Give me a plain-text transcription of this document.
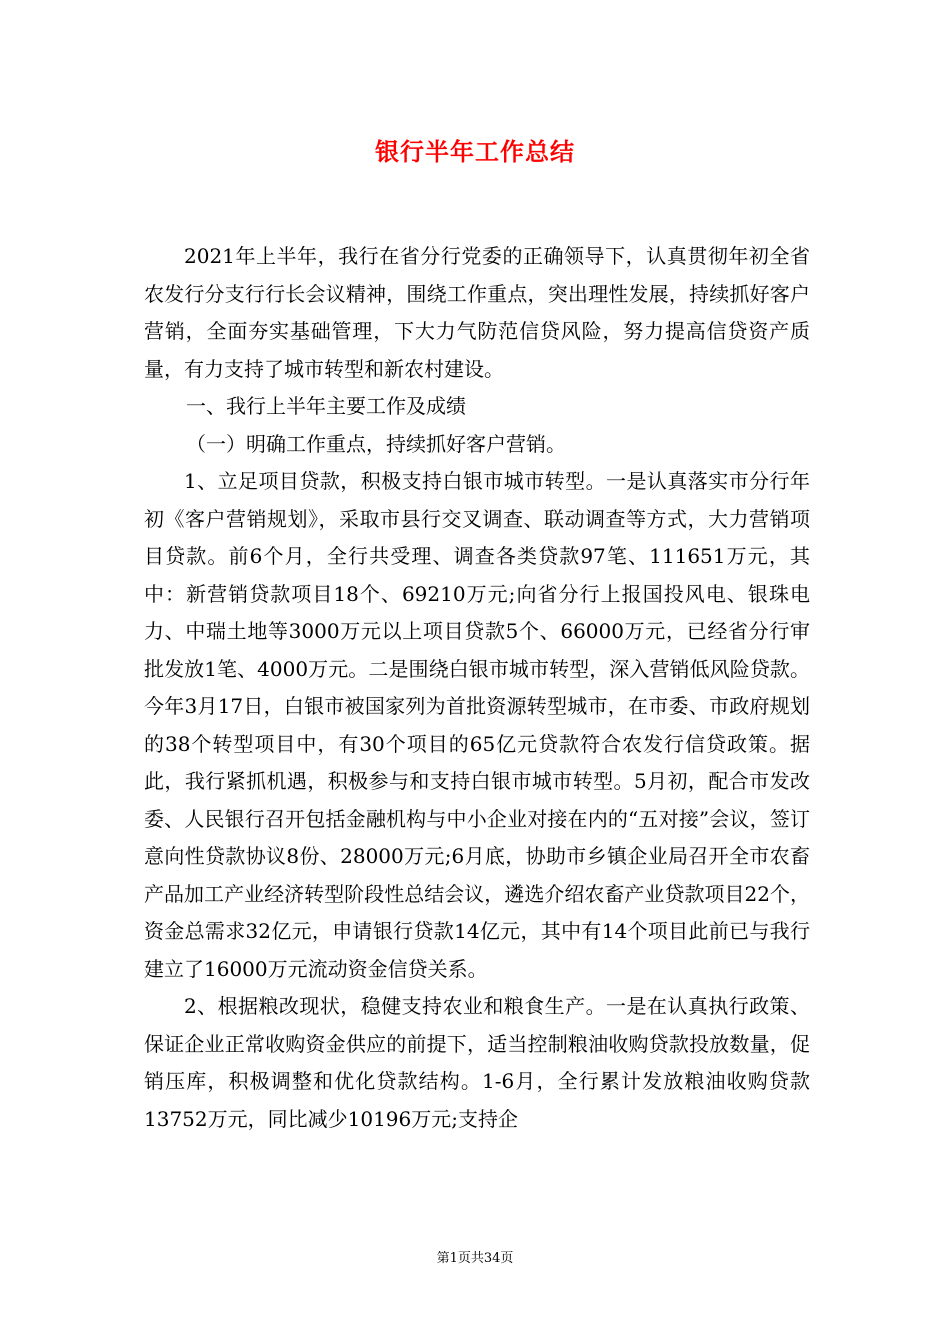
银行半年工作总结

2021年上半年，我行在省分行党委的正确领导下，认真贯彻年初全省农发行分支行行长会议精神，围绕工作重点，突出理性发展，持续抓好客户营销，全面夯实基础管理，下大力气防范信贷风险，努力提高信贷资产质量，有力支持了城市转型和新农村建设。

一、我行上半年主要工作及成绩

（一）明确工作重点，持续抓好客户营销。

1、立足项目贷款，积极支持白银市城市转型。一是认真落实市分行年初《客户营销规划》，采取市县行交叉调查、联动调查等方式，大力营销项目贷款。前6个月，全行共受理、调查各类贷款97笔、111651万元，其中：新营销贷款项目18个、69210万元;向省分行上报国投风电、银珠电力、中瑞土地等3000万元以上项目贷款5个、66000万元，已经省分行审批发放1笔、4000万元。二是围绕白银市城市转型，深入营销低风险贷款。今年3月17日，白银市被国家列为首批资源转型城市，在市委、市政府规划的38个转型项目中，有30个项目的65亿元贷款符合农发行信贷政策。据此，我行紧抓机遇，积极参与和支持白银市城市转型。5月初，配合市发改委、人民银行召开包括金融机构与中小企业对接在内的“五对接”会议，签订意向性贷款协议8份、28000万元;6月底，协助市乡镇企业局召开全市农畜产品加工产业经济转型阶段性总结会议，遴选介绍农畜产业贷款项目22个，资金总需求32亿元，申请银行贷款14亿元，其中有14个项目此前已与我行建立了16000万元流动资金信贷关系。

2、根据粮改现状，稳健支持农业和粮食生产。一是在认真执行政策、保证企业正常收购资金供应的前提下，适当控制粮油收购贷款投放数量，促销压库，积极调整和优化贷款结构。1-6月，全行累计发放粮油收购贷款13752万元，同比减少10196万元;支持企

第1页共34页
